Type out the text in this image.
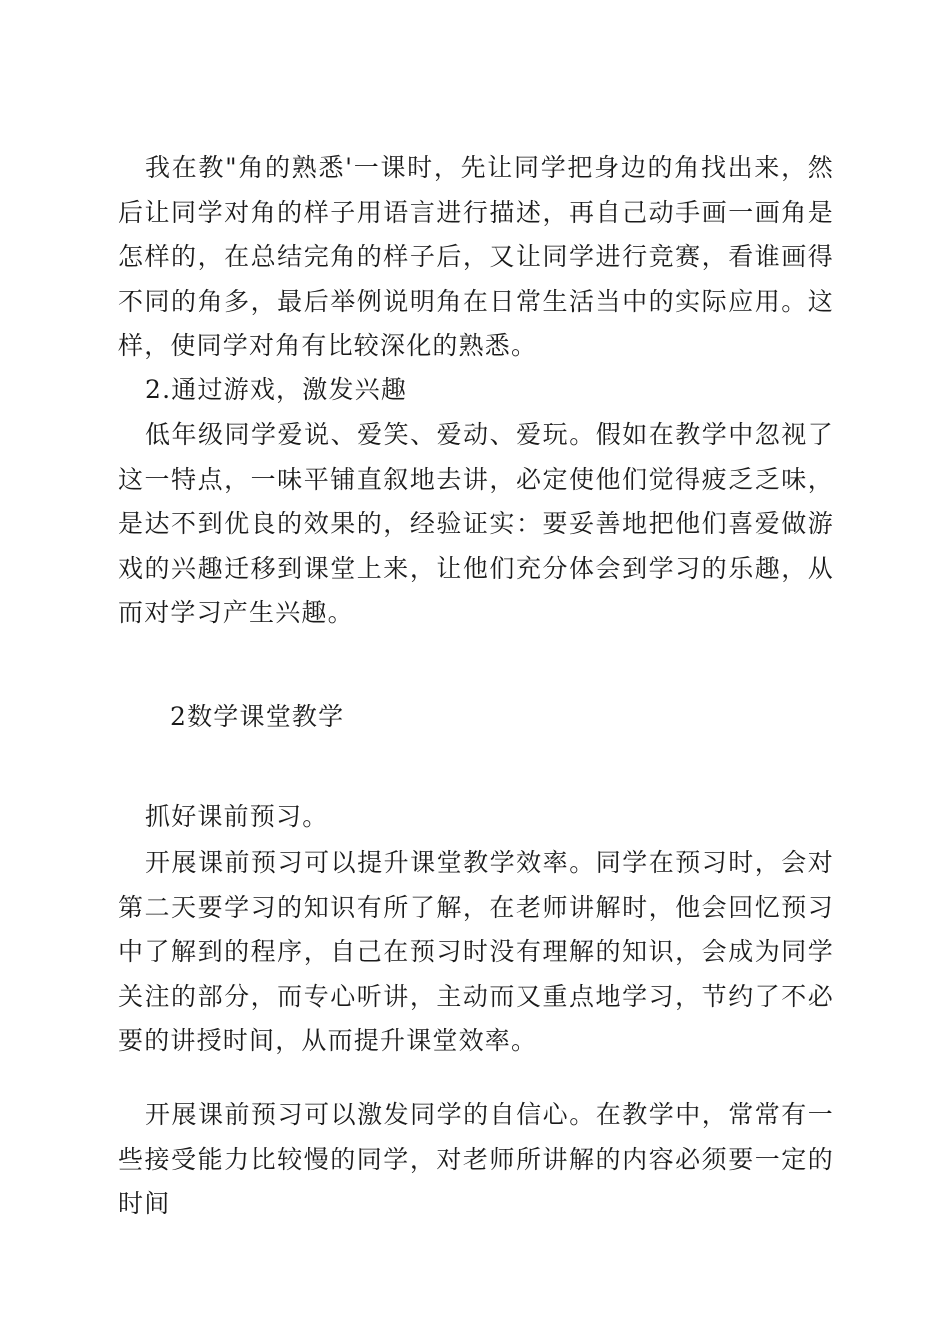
我在教"角的熟悉'一课时，先让同学把身边的角找出来，然后让同学对角的样子用语言进行描述，再自己动手画一画角是怎样的，在总结完角的样子后，又让同学进行竞赛，看谁画得不同的角多，最后举例说明角在日常生活当中的实际应用。这样，使同学对角有比较深化的熟悉。

2.通过游戏，激发兴趣

低年级同学爱说、爱笑、爱动、爱玩。假如在教学中忽视了这一特点，一味平铺直叙地去讲，必定使他们觉得疲乏乏味，是达不到优良的效果的，经验证实：要妥善地把他们喜爱做游戏的兴趣迁移到课堂上来，让他们充分体会到学习的乐趣，从而对学习产生兴趣。

2数学课堂教学

抓好课前预习。

开展课前预习可以提升课堂教学效率。同学在预习时，会对第二天要学习的知识有所了解，在老师讲解时，他会回忆预习中了解到的程序，自己在预习时没有理解的知识，会成为同学关注的部分，而专心听讲，主动而又重点地学习，节约了不必要的讲授时间，从而提升课堂效率。

开展课前预习可以激发同学的自信心。在教学中，常常有一些接受能力比较慢的同学，对老师所讲解的内容必须要一定的时间
